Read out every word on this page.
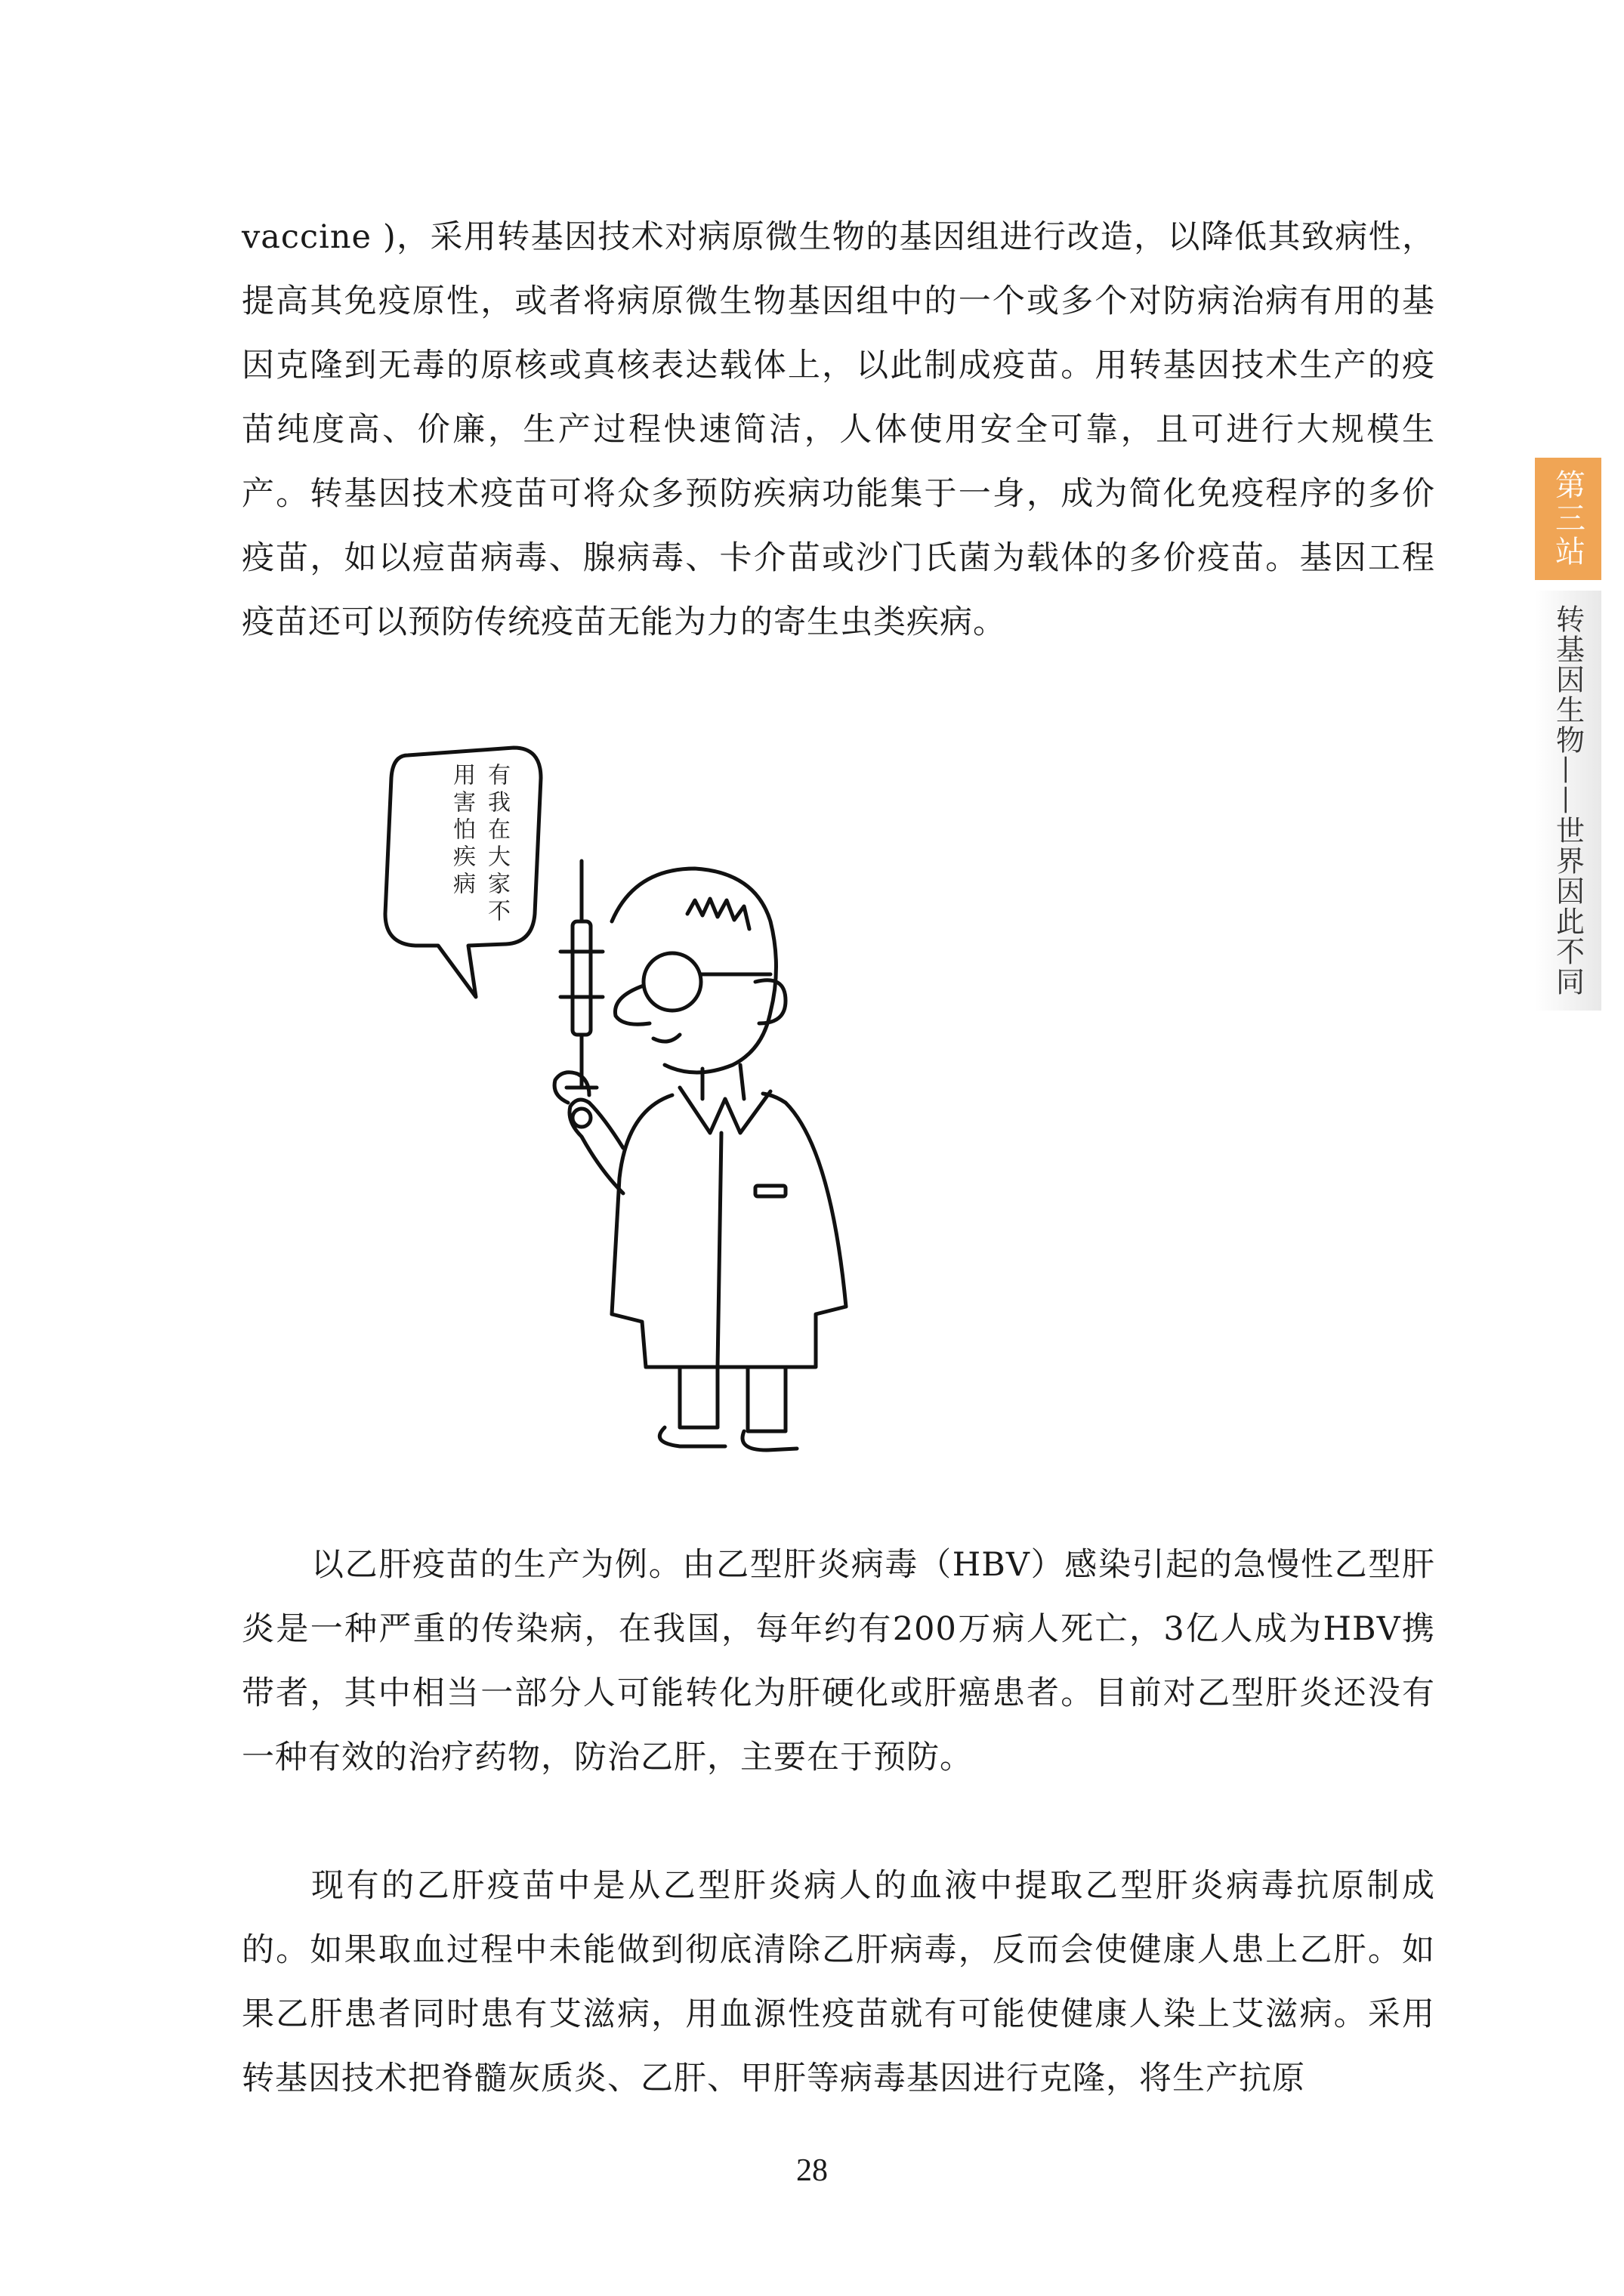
vaccine )，采用转基因技术对病原微生物的基因组进行改造，以降低其致病性，提高其免疫原性，或者将病原微生物基因组中的一个或多个对防病治病有用的基因克隆到无毒的原核或真核表达载体上，以此制成疫苗。用转基因技术生产的疫苗纯度高、价廉，生产过程快速简洁，人体使用安全可靠，且可进行大规模生产。转基因技术疫苗可将众多预防疾病功能集于一身，成为简化免疫程序的多价疫苗，如以痘苗病毒、腺病毒、卡介苗或沙门氏菌为载体的多价疫苗。基因工程疫苗还可以预防传统疫苗无能为力的寄生虫类疾病。

有我在大家不用害怕疾病

以乙肝疫苗的生产为例。由乙型肝炎病毒（HBV）感染引起的急慢性乙型肝炎是一种严重的传染病，在我国，每年约有200万病人死亡，3亿人成为HBV携带者，其中相当一部分人可能转化为肝硬化或肝癌患者。目前对乙型肝炎还没有一种有效的治疗药物，防治乙肝，主要在于预防。

现有的乙肝疫苗中是从乙型肝炎病人的血液中提取乙型肝炎病毒抗原制成的。如果取血过程中未能做到彻底清除乙肝病毒，反而会使健康人患上乙肝。如果乙肝患者同时患有艾滋病，用血源性疫苗就有可能使健康人染上艾滋病。采用转基因技术把脊髓灰质炎、乙肝、甲肝等病毒基因进行克隆，将生产抗原

第三站
转基因生物——世界因此不同
28
